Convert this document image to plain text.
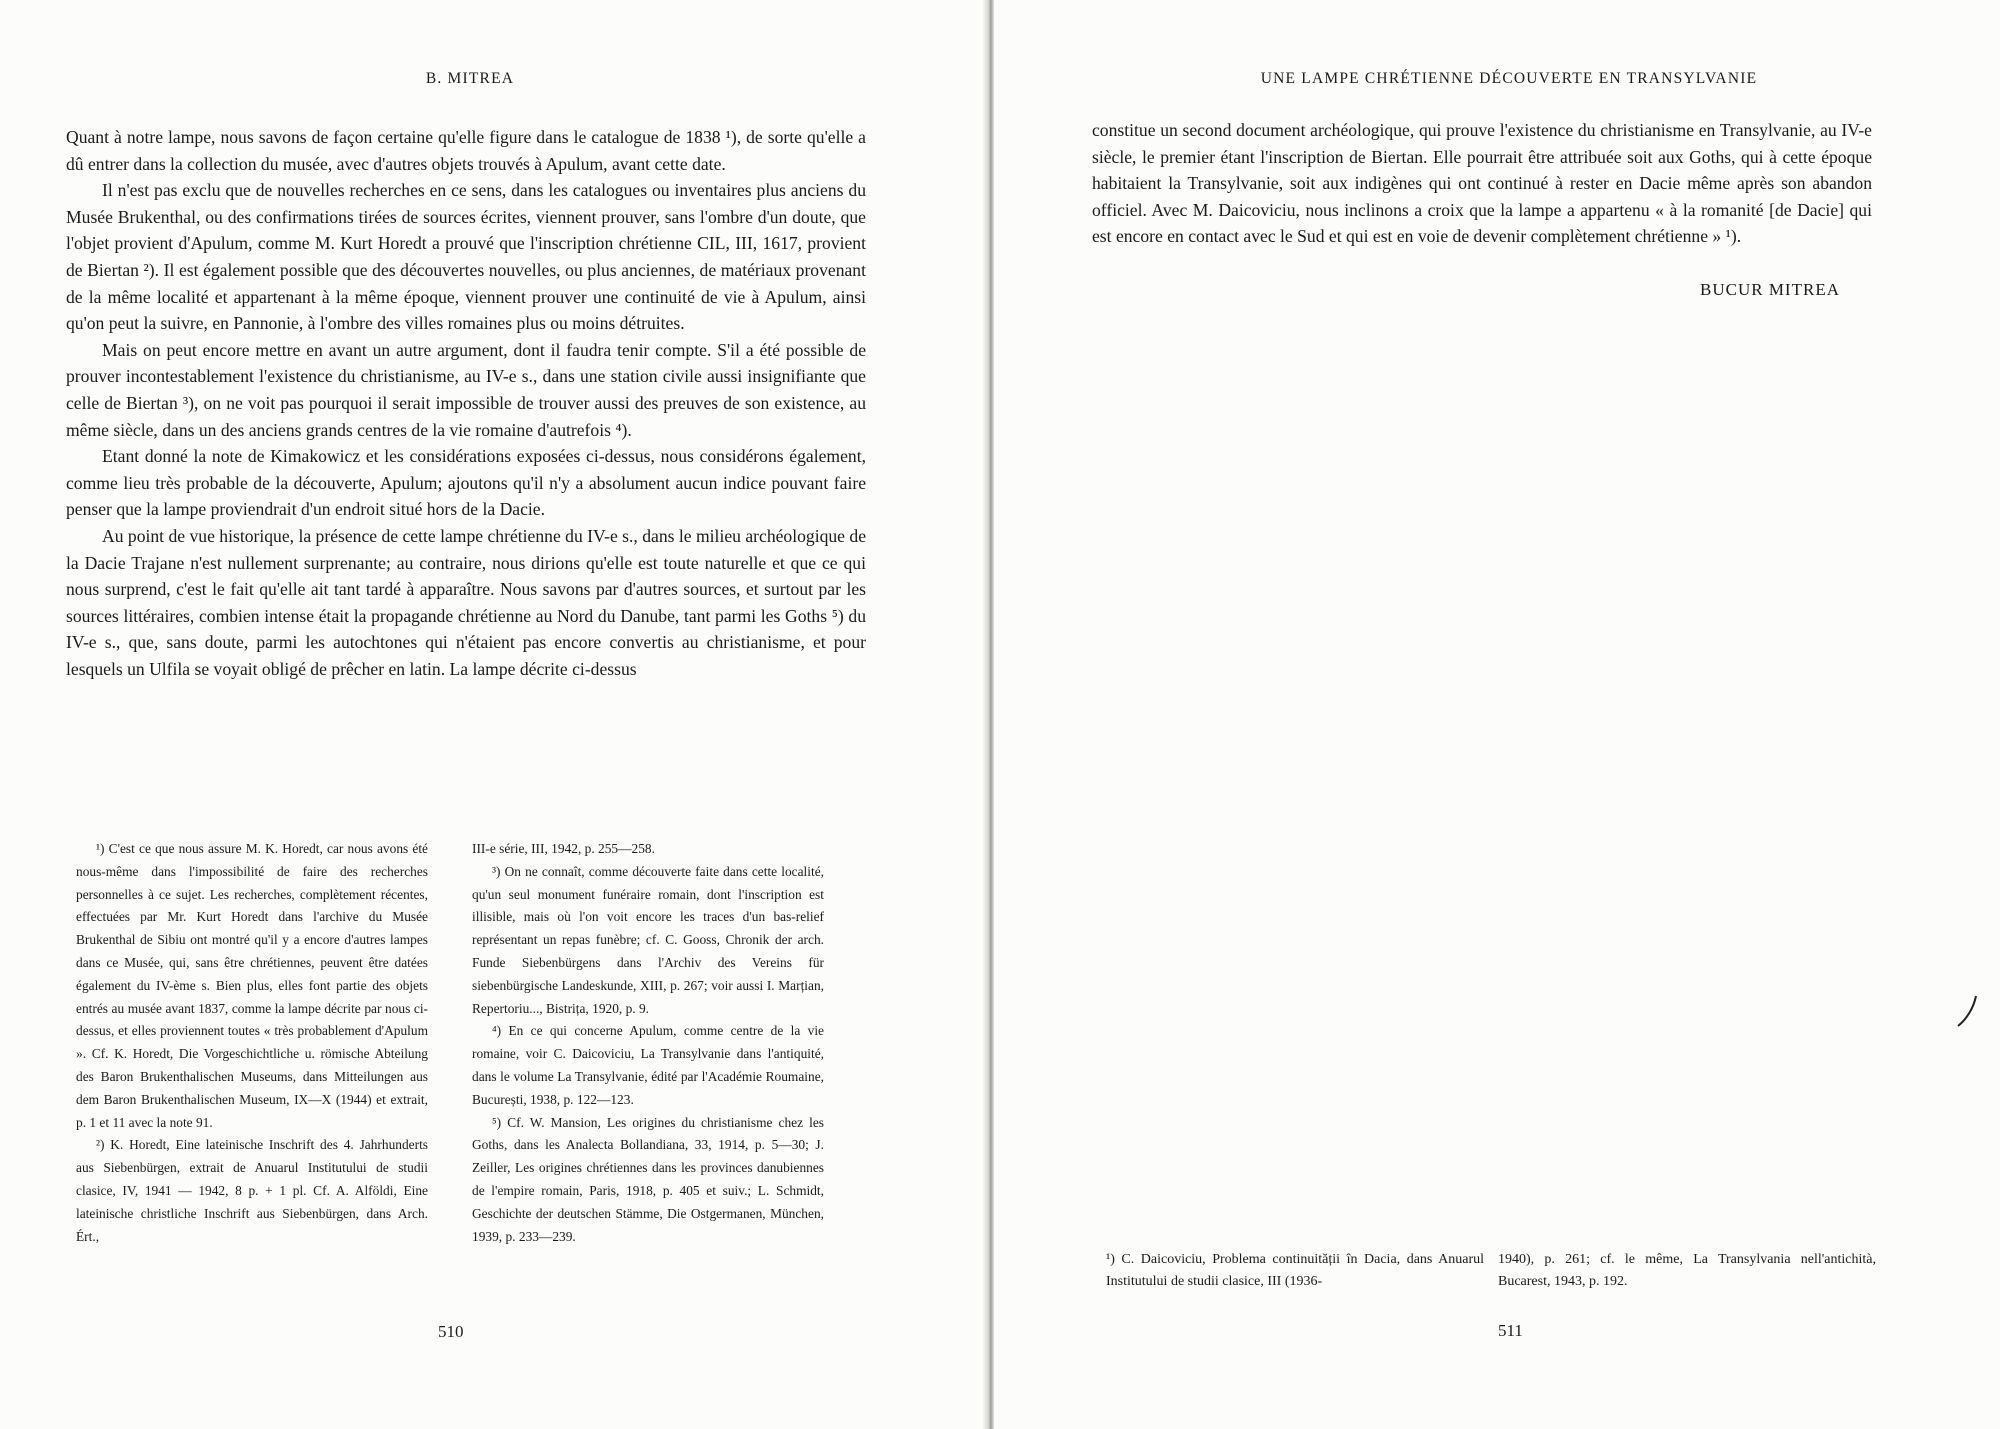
B. MITREA

Quant à notre lampe, nous savons de façon certaine qu'elle figure dans le catalogue de 1838 ¹), de sorte qu'elle a dû entrer dans la collection du musée, avec d'autres objets trouvés à Apulum, avant cette date.

Il n'est pas exclu que de nouvelles recherches en ce sens, dans les catalogues ou inventaires plus anciens du Musée Brukenthal, ou des confirmations tirées de sources écrites, viennent prouver, sans l'ombre d'un doute, que l'objet provient d'Apulum, comme M. Kurt Horedt a prouvé que l'inscription chrétienne CIL, III, 1617, provient de Biertan ²). Il est également possible que des découvertes nouvelles, ou plus anciennes, de matériaux provenant de la même localité et appartenant à la même époque, viennent prouver une continuité de vie à Apulum, ainsi qu'on peut la suivre, en Pannonie, à l'ombre des villes romaines plus ou moins détruites.

Mais on peut encore mettre en avant un autre argument, dont il faudra tenir compte. S'il a été possible de prouver incontestablement l'existence du christianisme, au IV-e s., dans une station civile aussi insignifiante que celle de Biertan ³), on ne voit pas pourquoi il serait impossible de trouver aussi des preuves de son existence, au même siècle, dans un des anciens grands centres de la vie romaine d'autrefois ⁴).

Etant donné la note de Kimakowicz et les considérations exposées ci-dessus, nous considérons également, comme lieu très probable de la découverte, Apulum; ajoutons qu'il n'y a absolument aucun indice pouvant faire penser que la lampe proviendrait d'un endroit situé hors de la Dacie.

Au point de vue historique, la présence de cette lampe chrétienne du IV-e s., dans le milieu archéologique de la Dacie Trajane n'est nullement surprenante; au contraire, nous dirions qu'elle est toute naturelle et que ce qui nous surprend, c'est le fait qu'elle ait tant tardé à apparaître. Nous savons par d'autres sources, et surtout par les sources littéraires, combien intense était la propagande chrétienne au Nord du Danube, tant parmi les Goths ⁵) du IV-e s., que, sans doute, parmi les autochtones qui n'étaient pas encore convertis au christianisme, et pour lesquels un Ulfila se voyait obligé de prêcher en latin. La lampe décrite ci-dessus

¹) C'est ce que nous assure M. K. Horedt, car nous avons été nous-même dans l'impossibilité de faire des recherches personnelles à ce sujet. Les recherches, complètement récentes, effectuées par Mr. Kurt Horedt dans l'archive du Musée Brukenthal de Sibiu ont montré qu'il y a encore d'autres lampes dans ce Musée, qui, sans être chrétiennes, peuvent être datées également du IV-ème s. Bien plus, elles font partie des objets entrés au musée avant 1837, comme la lampe décrite par nous ci-dessus, et elles proviennent toutes « très probablement d'Apulum ». Cf. K. Horedt, Die Vorgeschichtliche u. römische Abteilung des Baron Brukenthalischen Museums, dans Mitteilungen aus dem Baron Brukenthalischen Museum, IX—X (1944) et extrait, p. 1 et 11 avec la note 91.

²) K. Horedt, Eine lateinische Inschrift des 4. Jahrhunderts aus Siebenbürgen, extrait de Anuarul Institutului de studii clasice, IV, 1941 — 1942, 8 p. + 1 pl. Cf. A. Alföldi, Eine lateinische christliche Inschrift aus Siebenbürgen, dans Arch. Ért.,

III-e série, III, 1942, p. 255—258.

³) On ne connaît, comme découverte faite dans cette localité, qu'un seul monument funéraire romain, dont l'inscription est illisible, mais où l'on voit encore les traces d'un bas-relief représentant un repas funèbre; cf. C. Gooss, Chronik der arch. Funde Siebenbürgens dans l'Archiv des Vereins für siebenbürgische Landeskunde, XIII, p. 267; voir aussi I. Marțian, Repertoriu..., Bistrița, 1920, p. 9.

⁴) En ce qui concerne Apulum, comme centre de la vie romaine, voir C. Daicoviciu, La Transylvanie dans l'antiquité, dans le volume La Transylvanie, édité par l'Académie Roumaine, București, 1938, p. 122—123.

⁵) Cf. W. Mansion, Les origines du christianisme chez les Goths, dans les Analecta Bollandiana, 33, 1914, p. 5—30; J. Zeiller, Les origines chrétiennes dans les provinces danubiennes de l'empire romain, Paris, 1918, p. 405 et suiv.; L. Schmidt, Geschichte der deutschen Stämme, Die Ostgermanen, München, 1939, p. 233—239.

510
UNE LAMPE CHRÉTIENNE DÉCOUVERTE EN TRANSYLVANIE

constitue un second document archéologique, qui prouve l'existence du christianisme en Transylvanie, au IV-e siècle, le premier étant l'inscription de Biertan. Elle pourrait être attribuée soit aux Goths, qui à cette époque habitaient la Transylvanie, soit aux indigènes qui ont continué à rester en Dacie même après son abandon officiel. Avec M. Daicoviciu, nous inclinons a croix que la lampe a appartenu « à la romanité [de Dacie] qui est encore en contact avec le Sud et qui est en voie de devenir complètement chrétienne » ¹).

BUCUR MITREA
¹) C. Daicoviciu, Problema continuității în Dacia, dans Anuarul Institutului de studii clasice, III (1936-
1940), p. 261; cf. le même, La Transylvania nell'antichità, Bucarest, 1943, p. 192.
511
